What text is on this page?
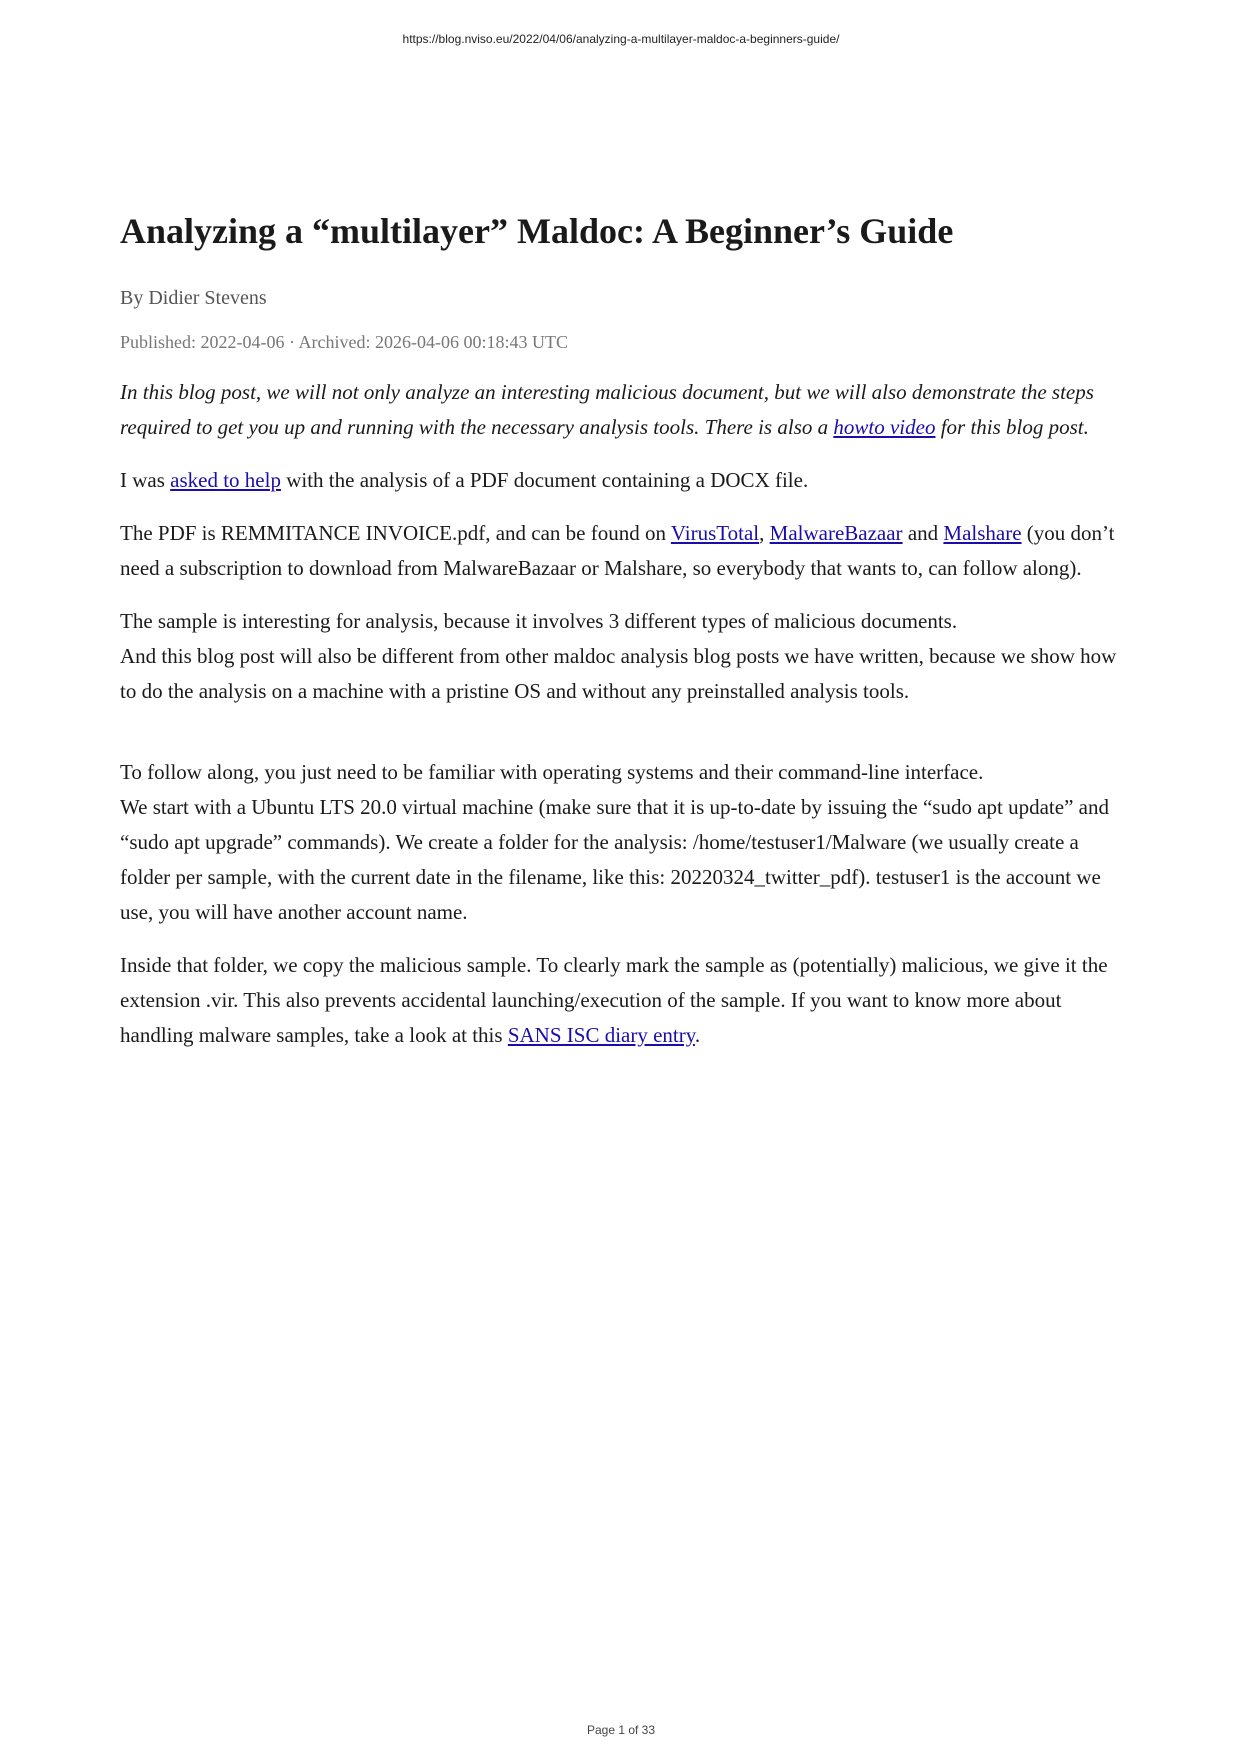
https://blog.nviso.eu/2022/04/06/analyzing-a-multilayer-maldoc-a-beginners-guide/
Analyzing a “multilayer” Maldoc: A Beginner’s Guide
By Didier Stevens
Published: 2022-04-06 · Archived: 2026-04-06 00:18:43 UTC

In this blog post, we will not only analyze an interesting malicious document, but we will also demonstrate the steps required to get you up and running with the necessary analysis tools. There is also a howto video for this blog post.

I was asked to help with the analysis of a PDF document containing a DOCX file.

The PDF is REMMITANCE INVOICE.pdf, and can be found on VirusTotal, MalwareBazaar and Malshare (you don’t need a subscription to download from MalwareBazaar or Malshare, so everybody that wants to, can follow along).

The sample is interesting for analysis, because it involves 3 different types of malicious documents.
And this blog post will also be different from other maldoc analysis blog posts we have written, because we show how to do the analysis on a machine with a pristine OS and without any preinstalled analysis tools.

To follow along, you just need to be familiar with operating systems and their command-line interface.
We start with a Ubuntu LTS 20.0 virtual machine (make sure that it is up-to-date by issuing the “sudo apt update” and “sudo apt upgrade” commands). We create a folder for the analysis: /home/testuser1/Malware (we usually create a folder per sample, with the current date in the filename, like this: 20220324_twitter_pdf). testuser1 is the account we use, you will have another account name.

Inside that folder, we copy the malicious sample. To clearly mark the sample as (potentially) malicious, we give it the extension .vir. This also prevents accidental launching/execution of the sample. If you want to know more about handling malware samples, take a look at this SANS ISC diary entry.

Page 1 of 33
